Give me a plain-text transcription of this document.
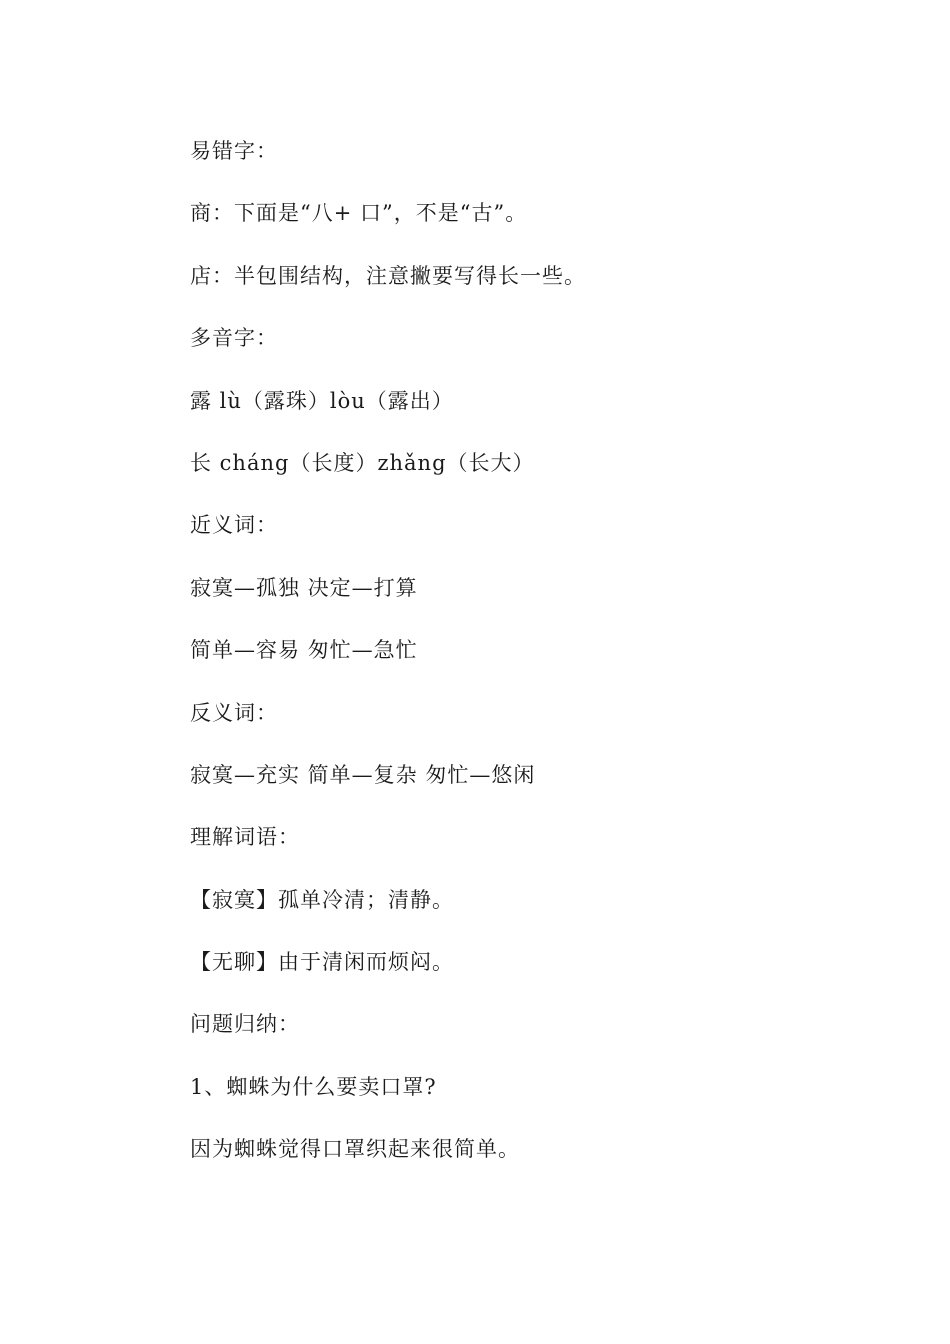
易错字：
商：下面是“八+ 口”，不是“古”。
店：半包围结构，注意撇要写得长一些。
多音字：
露 lù（露珠）lòu（露出）
长 cháng（长度）zhǎng（长大）
近义词：
寂寞—孤独 决定—打算
简单—容易 匆忙—急忙
反义词：
寂寞—充实 简单—复杂 匆忙—悠闲
理解词语：
【寂寞】孤单冷清；清静。
【无聊】由于清闲而烦闷。
问题归纳：
1、蜘蛛为什么要卖口罩?
因为蜘蛛觉得口罩织起来很简单。
